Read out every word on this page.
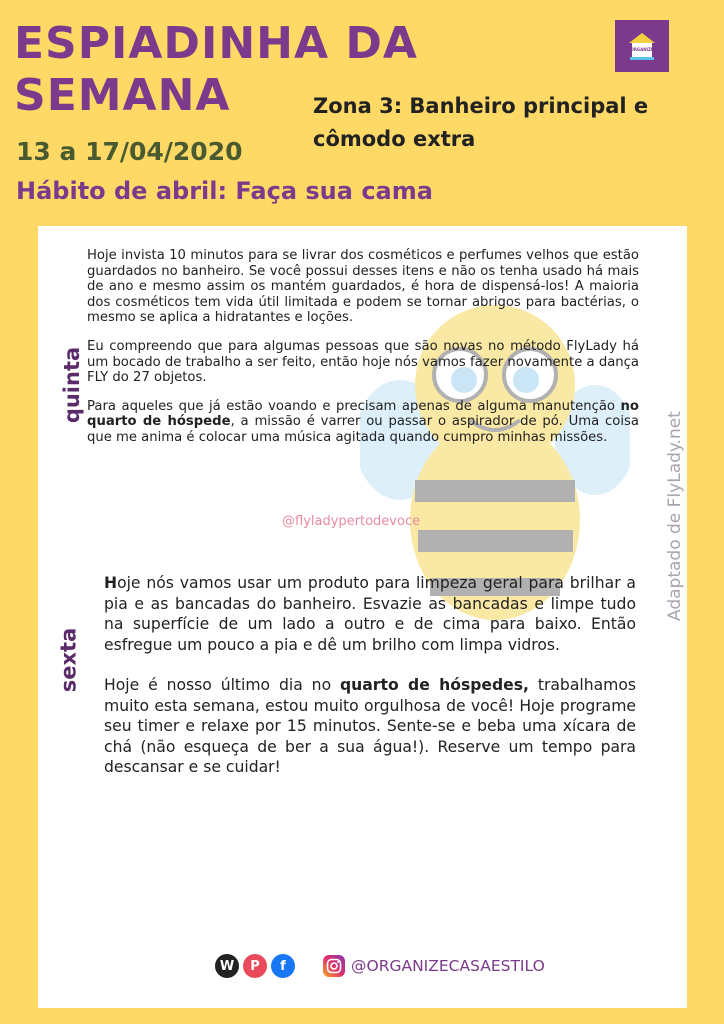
ESPIADINHA DA
SEMANA
ORGANIZE
Zona 3: Banheiro principal e cômodo extra
13 a 17/04/2020
Hábito de abril: Faça sua cama
quinta

Hoje invista 10 minutos para se livrar dos cosméticos e perfumes velhos que estão guardados no banheiro. Se você possui desses itens e não os tenha usado há mais de ano e mesmo assim os mantém guardados, é hora de dispensá-los! A maioria dos cosméticos tem vida útil limitada e podem se tornar abrigos para bactérias, o mesmo se aplica a hidratantes e loções.

Eu compreendo que para algumas pessoas que são novas no método FlyLady há um bocado de trabalho a ser feito, então hoje nós vamos fazer novamente a dança FLY do 27 objetos.

Para aqueles que já estão voando e precisam apenas de alguma manutenção no quarto de hóspede, a missão é varrer ou passar o aspirador de pó. Uma coisa que me anima é colocar uma música agitada quando cumpro minhas missões.

@flyladypertodevoce
sexta

Hoje nós vamos usar um produto para limpeza geral para brilhar a pia e as bancadas do banheiro. Esvazie as bancadas e limpe tudo na superfície de um lado a outro e de cima para baixo. Então esfregue um pouco a pia e dê um brilho com limpa vidros.

Hoje é nosso último dia no quarto de hóspedes, trabalhamos muito esta semana, estou muito orgulhosa de você! Hoje programe seu timer e relaxe por 15 minutos. Sente-se e beba uma xícara de chá (não esqueça de ber a sua água!). Reserve um tempo para descansar e se cuidar!

Adaptado de FlyLady.net
W	P	f	@ORGANIZECASAESTILO
